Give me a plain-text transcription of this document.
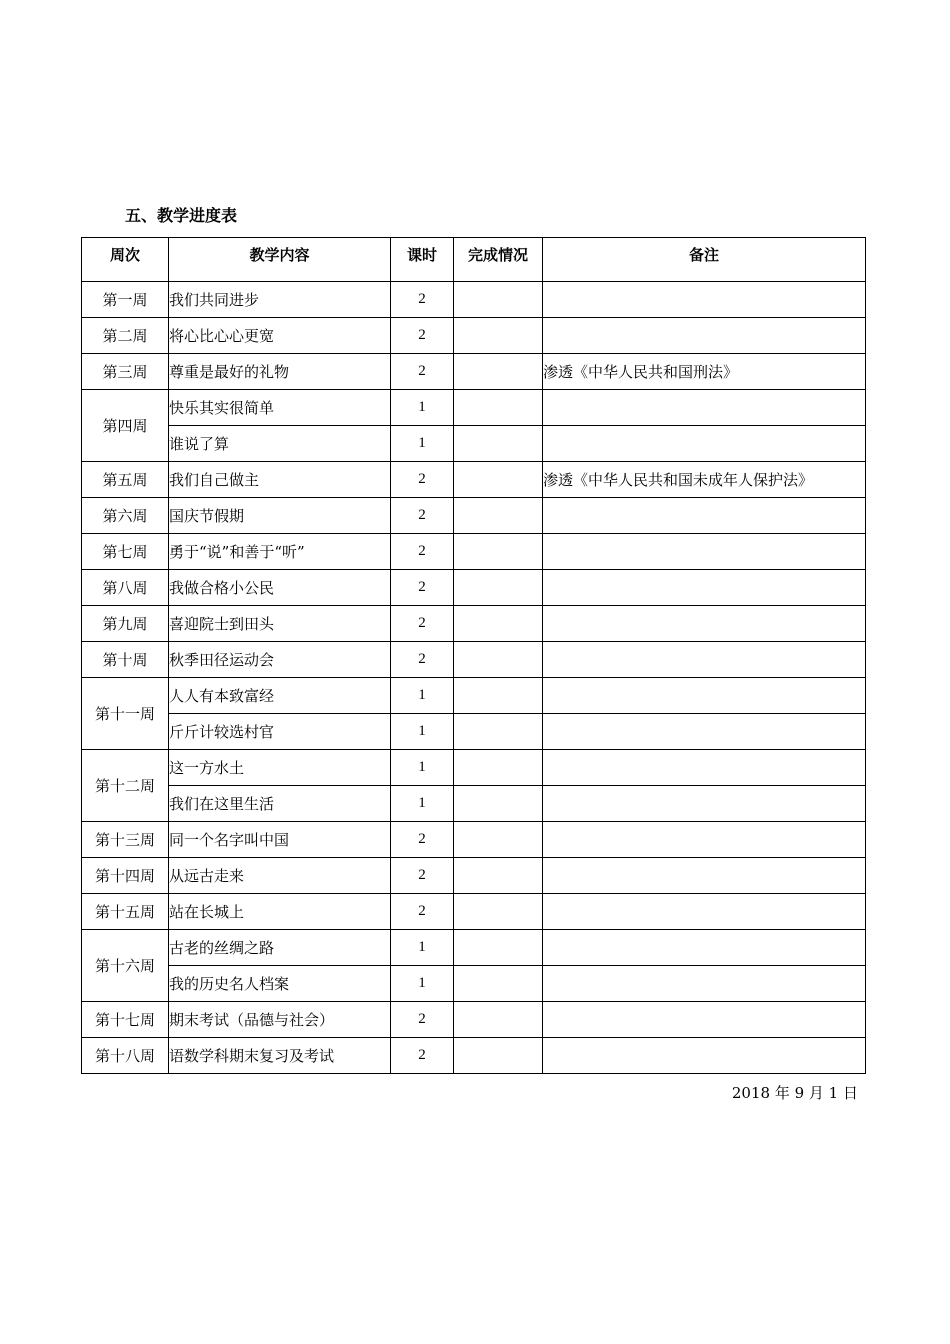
五、教学进度表
周次	教学内容	课时	完成情况	备注
第一周	我们共同进步	2		
第二周	将心比心心更宽	2		
第三周	尊重是最好的礼物	2		渗透《中华人民共和国刑法》
第四周	快乐其实很简单	1		
	谁说了算	1		
第五周	我们自己做主	2		渗透《中华人民共和国未成年人保护法》
第六周	国庆节假期	2		
第七周	勇于“说”和善于“听”	2		
第八周	我做合格小公民	2		
第九周	喜迎院士到田头	2		
第十周	秋季田径运动会	2		
第十一周	人人有本致富经	1		
	斤斤计较选村官	1		
第十二周	这一方水土	1		
	我们在这里生活	1		
第十三周	同一个名字叫中国	2		
第十四周	从远古走来	2		
第十五周	站在长城上	2		
第十六周	古老的丝绸之路	1		
	我的历史名人档案	1		
第十七周	期末考试（品德与社会）	2		
第十八周	语数学科期末复习及考试	2		
2018 年 9 月 1 日
